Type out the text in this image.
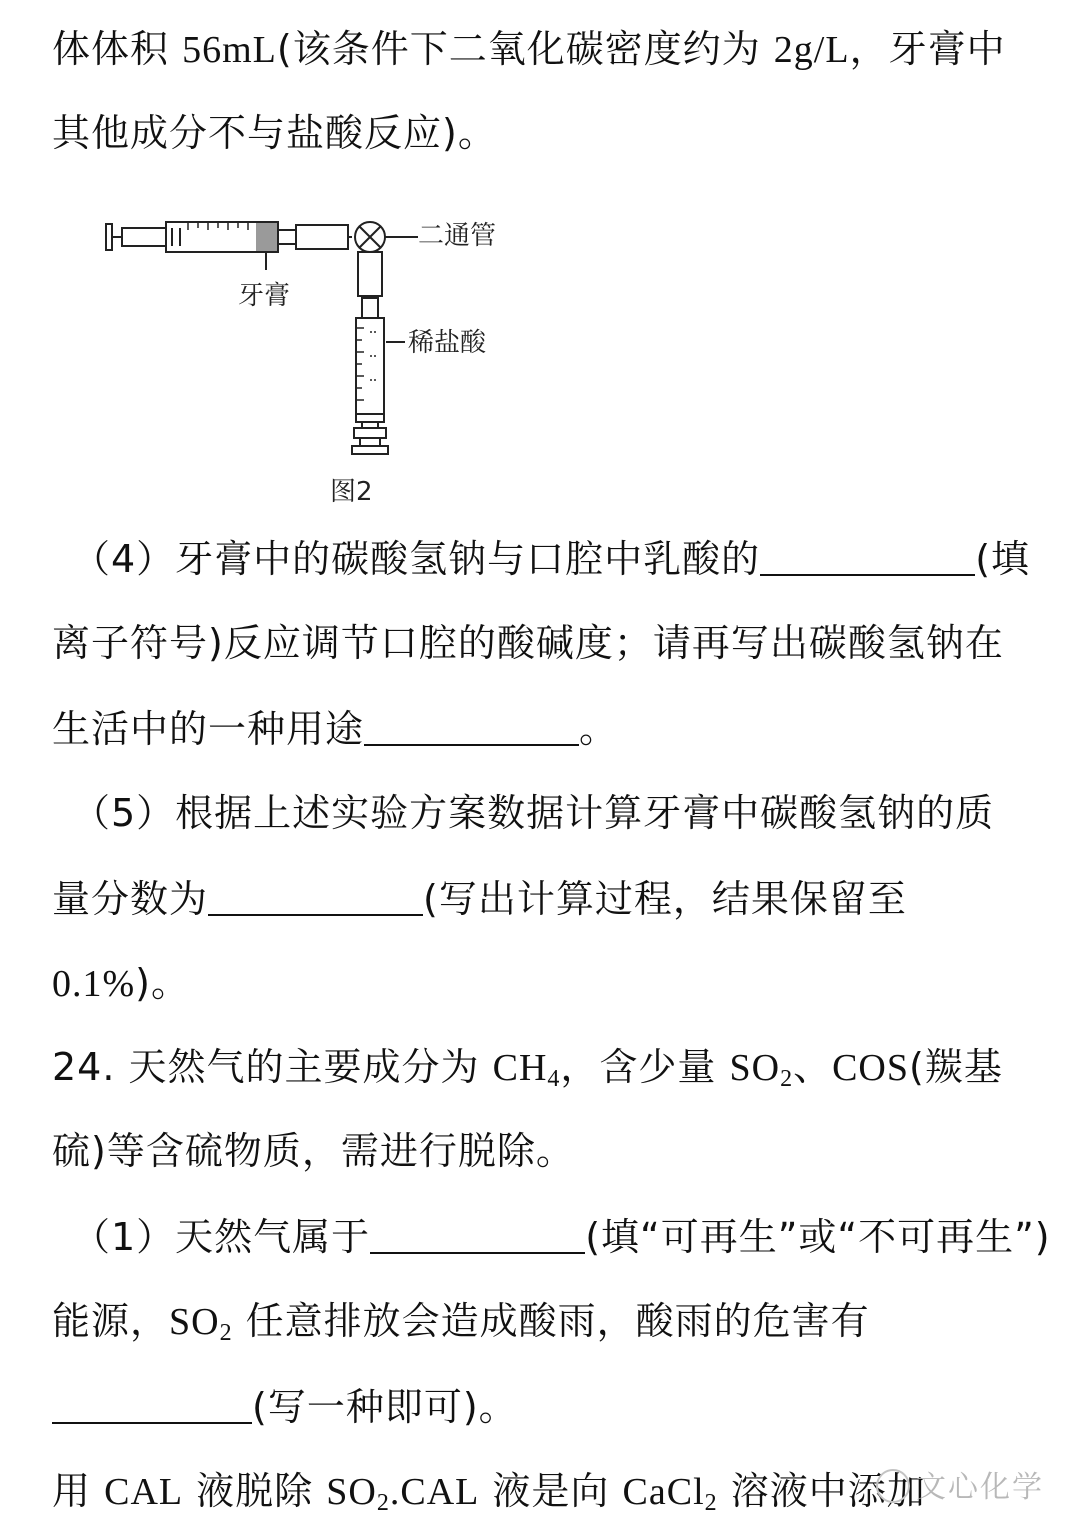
体体积 56mL(该条件下二氧化碳密度约为 2g/L，牙膏中
其他成分不与盐酸反应)。
二通管
牙膏
稀盐酸
图2
（4）牙膏中的碳酸氢钠与口腔中乳酸的	(填
离子符号)反应调节口腔的酸碱度；请再写出碳酸氢钠在
生活中的一种用途	。
（5）根据上述实验方案数据计算牙膏中碳酸氢钠的质
量分数为	(写出计算过程，结果保留至
0.1%)。
24. 天然气的主要成分为 $CH_4$，含少量 $SO_2$、COS(羰基
硫)等含硫物质，需进行脱除。
（1）天然气属于	(填“可再生”或“不可再生”)
能源，$SO_2$ 任意排放会造成酸雨，酸雨的危害有
(写一种即可)。
用 CAL 液脱除 $SO_2.CAL$ 液是向 CaCl$_2$ 溶液中添加
文心化学
